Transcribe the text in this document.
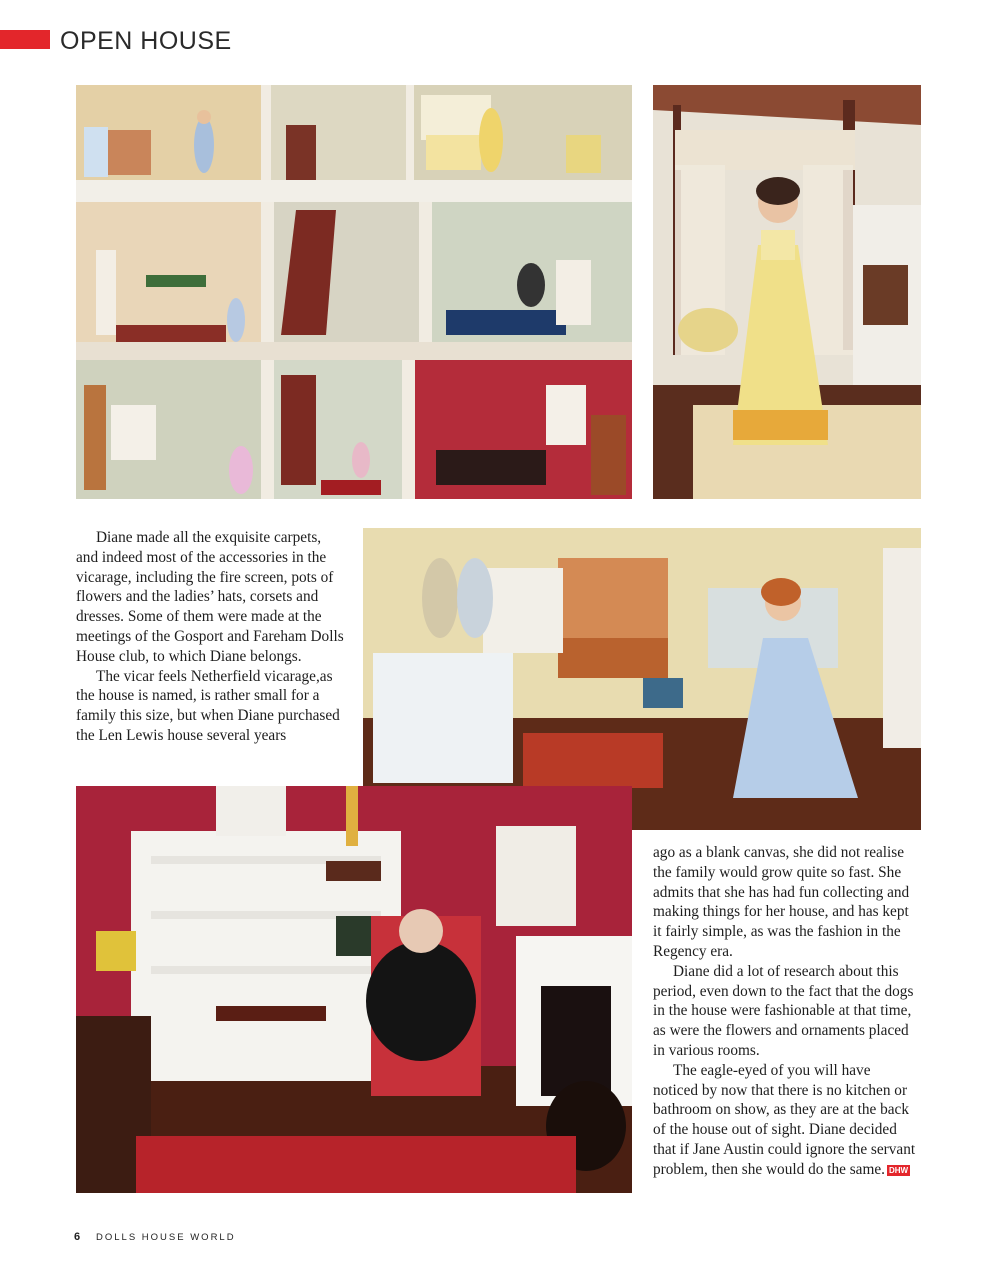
OPEN HOUSE

Diane made all the exquisite carpets, and indeed most of the accessories in the vicarage, including the fire screen, pots of flowers and the ladies’ hats, corsets and dresses. Some of them were made at the meetings of the Gosport and Fareham Dolls House club, to which Diane belongs.

The vicar feels Netherfield vicarage,as the house is named, is rather small for a family this size, but when Diane purchased the Len Lewis house several years

ago as a blank canvas, she did not realise the family would grow quite so fast. She admits that she has had fun collecting and making things for her house, and has kept it fairly simple, as was the fashion in the Regency era.

Diane did a lot of research about this period, even down to the fact that the dogs in the house were fashionable at that time, as were the flowers and ornaments placed in various rooms.

The eagle-eyed of you will have noticed by now that there is no kitchen or bathroom on show, as they are at the back of the house out of sight. Diane decided that if Jane Austin could ignore the servant problem, then she would do the same. DHW

6 DOLLS HOUSE WORLD
